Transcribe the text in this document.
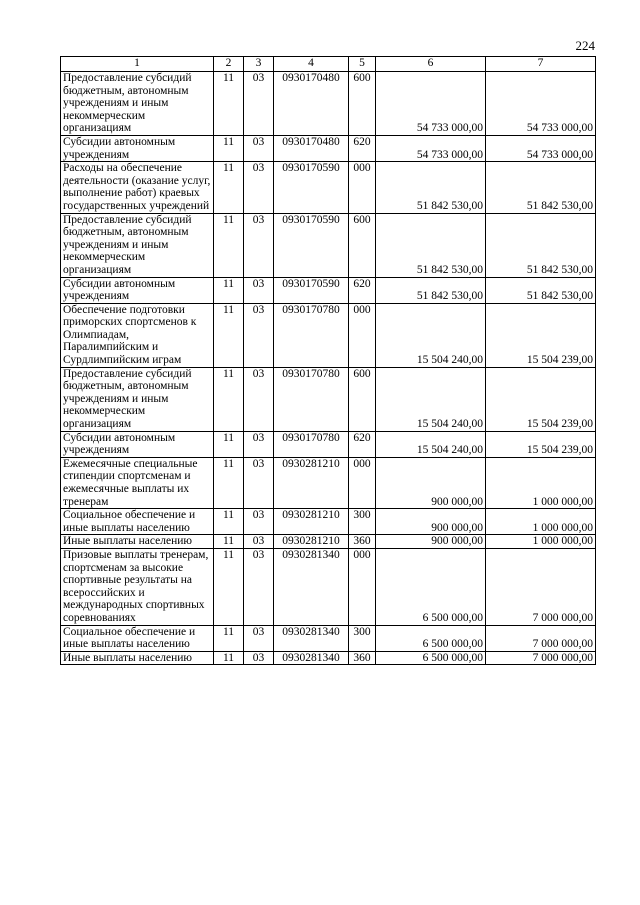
224
1	2	3	4	5	6	7
Предоставление субсидий бюджетным, автономным учреждениям и иным некоммерческим организациям	11	03	0930170480	600	54 733 000,00	54 733 000,00
Субсидии автономным учреждениям	11	03	0930170480	620	54 733 000,00	54 733 000,00
Расходы на обеспечение деятельности (оказание услуг, выполнение работ) краевых государственных учреждений	11	03	0930170590	000	51 842 530,00	51 842 530,00
Предоставление субсидий бюджетным, автономным учреждениям и иным некоммерческим организациям	11	03	0930170590	600	51 842 530,00	51 842 530,00
Субсидии автономным учреждениям	11	03	0930170590	620	51 842 530,00	51 842 530,00
Обеспечение подготовки приморских спортсменов к Олимпиадам, Паралимпийским и Сурдлимпийским играм	11	03	0930170780	000	15 504 240,00	15 504 239,00
Предоставление субсидий бюджетным, автономным учреждениям и иным некоммерческим организациям	11	03	0930170780	600	15 504 240,00	15 504 239,00
Субсидии автономным учреждениям	11	03	0930170780	620	15 504 240,00	15 504 239,00
Ежемесячные специальные стипендии спортсменам и ежемесячные выплаты их тренерам	11	03	0930281210	000	900 000,00	1 000 000,00
Социальное обеспечение и иные выплаты населению	11	03	0930281210	300	900 000,00	1 000 000,00
Иные выплаты населению	11	03	0930281210	360	900 000,00	1 000 000,00
Призовые выплаты тренерам, спортсменам за высокие спортивные результаты на всероссийских и международных спортивных соревнованиях	11	03	0930281340	000	6 500 000,00	7 000 000,00
Социальное обеспечение и иные выплаты населению	11	03	0930281340	300	6 500 000,00	7 000 000,00
Иные выплаты населению	11	03	0930281340	360	6 500 000,00	7 000 000,00
